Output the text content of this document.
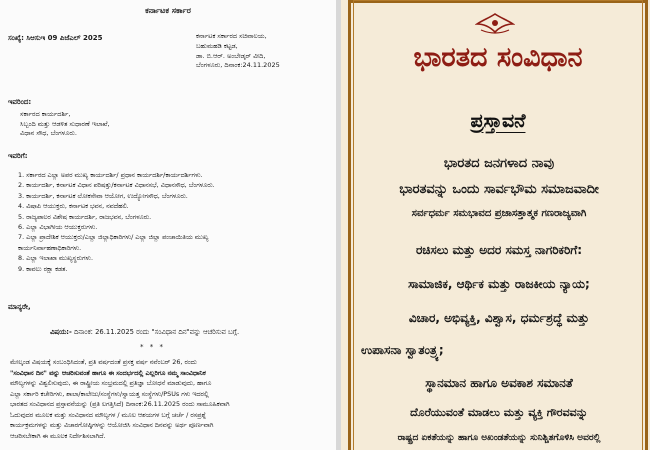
ಕರ್ನಾಟಕ ಸರ್ಕಾರ
ಸಂಖ್ಯೆ: ಸಿಆಸುಇ 09 ಪಿಜೆಎಲ್ 2025	ಕರ್ನಾಟಕ ಸರ್ಕಾರದ ಸಚಿವಾಲಯ,
ಬಹುಮಹಡಿ ಕಟ್ಟಡ,
ಡಾ. ಬಿ.ಆರ್. ಅಂಬೇಡ್ಕರ್ ವೀದಿ,
ಬೆಂಗಳೂರು, ದಿನಾಂಕ:24.11.2025
ಇವರಿಂದ:
ಸರ್ಕಾರದ ಕಾರ್ಯದರ್ಶಿ,
ಸಿಬ್ಬಂದಿ ಮತ್ತು ಆಡಳಿತ ಸುಧಾರಣೆ ಇಲಾಖೆ,
ವಿಧಾನ ಸೌಧ, ಬೆಂಗಳೂರು.
ಇವರಿಗೆ:
1. ಸರ್ಕಾರದ ಎಲ್ಲಾ ಅಪರ ಮುಖ್ಯ ಕಾರ್ಯದರ್ಶಿ/ ಪ್ರಧಾನ ಕಾರ್ಯದರ್ಶಿ/ಕಾರ್ಯದರ್ಶಿಗಳು.
2. ಕಾರ್ಯದರ್ಶಿ, ಕರ್ನಾಟಕ ವಿಧಾನ ಪರಿಷತ್ತು/ಕರ್ನಾಟಕ ವಿಧಾನಸಭೆ, ವಿಧಾನಸೌಧ, ಬೆಂಗಳೂರು.
3. ಕಾರ್ಯದರ್ಶಿ, ಕರ್ನಾಟಕ ಲೋಕಸೇವಾ ಆಯೋಗ, ಉದ್ಯೋಗಸೌಧ, ಬೆಂಗಳೂರು.
4. ವಿಷಾಪಿ ಆಯುಕ್ತರು, ಕರ್ನಾಟಕ ಭವನ, ನವದೆಹಲಿ.
5. ರಾಜ್ಯಪಾಲರ ವಿಶೇಷ ಕಾರ್ಯದರ್ಶಿ, ರಾಜಭವನ, ಬೆಂಗಳೂರು.
6. ಎಲ್ಲಾ ವಿಭಾಗೀಯ ಆಯುಕ್ತರುಗಳು.
7. ಎಲ್ಲಾ ಪ್ರಾದೇಶಿಕ ಆಯುಕ್ತರು/ಎಲ್ಲಾ ಜಿಲ್ಲಾಧಿಕಾರಿಗಳು/ ಎಲ್ಲಾ ಜಿಲ್ಲಾ ಪಂಚಾಯಿತಿಯ ಮುಖ್ಯ
ಕಾರ್ಯನಿರ್ವಾಹಣಾಧಿಕಾರಿಗಳು.
8. ಎಲ್ಲಾ ಇಲಾಖಾ ಮುಖ್ಯಸ್ಥರುಗಳು.
9. ಕಾವಲು ರಕ್ಷಾ ಕಡತ.
ಮಾನ್ಯರೇ,
ವಿಷಯ:- ದಿನಾಂಕ: 26.11.2025 ರಂದು "ಸಂವಿಧಾನ ದಿನ"ವನ್ನು ಆಚರಿಸುವ ಬಗ್ಗೆ.
* * *
ಮೇಲ್ಕಂಡ ವಿಷಯಕ್ಕೆ ಸಂಬಂಧಿಸಿದಂತೆ, ಪ್ರತಿ ವರ್ಷದಂತೆ ಪ್ರಸಕ್ತ ವರ್ಷ ನವೆಂಬರ್ 26, ರಂದು
"ಸಂವಿಧಾನ ದಿನ" ವನ್ನು ಆಚರಿಸುವಂತೆ ಹಾಗೂ ಈ ಸಂದರ್ಭದಲ್ಲಿ ಎಲ್ಲರಿಗೂ ನಮ್ಮ ಸಾಂವಿಧಾನಿಕ
ಮೌಲ್ಯಗಳನ್ನು ವಿಶ್ವಲಿಸುವುದು, ಈ ರಾಷ್ಟ್ರೀಯ ಸಂಭ್ರಮದಲ್ಲಿ ಪ್ರತಿಜ್ಞಾ ಬೋಧನೆ ಮಾಡುವುದು, ಹಾಗೂ
ಎಲ್ಲಾ ಸರ್ಕಾರಿ ಕಚೇರಿಗಳು, ಶಾಲಾ/ಕಾಲೇಜು/ಸಂಸ್ಥೆಗಳು/ಸ್ವಾಯತ್ತ ಸಂಸ್ಥೆಗಳು/PSUs ಗಳು ಇದರಲ್ಲಿ
ಭಾರತದ ಸಂವಿಧಾನದ ಪ್ರಸ್ತಾವನೆಯನ್ನು (ಪ್ರತಿ ಲಗತ್ತಿಸಿದೆ) ದಿನಾಂಕ:26.11.2025 ರಂದು ಸಾಮೂಹಿಕವಾಗಿ
ಓದುವುದರ ಮೂಲಕ ಮತ್ತು ಸಂವಿಧಾನದ ಮೌಲ್ಯಗಳ / ಮೂಲ ಆಶಯಗಳ ಬಗ್ಗೆ ಚರ್ಚೆ / ರಸಪ್ರಶ್ನೆ
ಕಾರ್ಯಕ್ರಮಗಳನ್ನು ಮತ್ತು ವಿಚಾರಗೋಷ್ಠಿಗಳನ್ನು ಆಯೋಜಿಸಿ ಸಂವಿಧಾನ ದಿನವನ್ನು ಅರ್ಥ ಪೂರ್ಣವಾಗಿ
ಆಚರಿಸಬೇಕಾಗಿ ಈ ಮೂಲಕ ನಿರ್ದೇಶಿಸಲಾಗಿದೆ.
ಭಾರತದ ಸಂವಿಧಾನ
ಪ್ರಸ್ತಾವನೆ
ಭಾರತದ ಜನಗಳಾದ ನಾವು
ಭಾರತವನ್ನು ಒಂದು ಸಾರ್ವಭೌಮ ಸಮಾಜವಾದೀ
ಸರ್ವಧರ್ಮ ಸಮಭಾವದ ಪ್ರಜಾಸತ್ತಾತ್ಮಕ ಗಣರಾಜ್ಯವಾಗಿ
ರಚಿಸಲು ಮತ್ತು ಅದರ ಸಮಸ್ತ ನಾಗರಿಕರಿಗೆ:
ಸಾಮಾಜಿಕ, ಆರ್ಥಿಕ ಮತ್ತು ರಾಜಕೀಯ ನ್ಯಾಯ;
ವಿಚಾರ, ಅಭಿವ್ಯಕ್ತಿ, ವಿಶ್ವಾಸ, ಧರ್ಮಶ್ರದ್ಧೆ ಮತ್ತು
ಉಪಾಸನಾ ಸ್ವಾತಂತ್ರ್ಯ;
ಸ್ಥಾನಮಾನ ಹಾಗೂ ಅವಕಾಶ ಸಮಾನತೆ
ದೊರೆಯುವಂತೆ ಮಾಡಲು ಮತ್ತು ವ್ಯಕ್ತಿ ಗೌರವವನ್ನು
ರಾಷ್ಟ್ರದ ಏಕತೆಯನ್ನು ಹಾಗೂ ಅಖಂಡತೆಯನ್ನು ಸುನಿಶ್ಚಿತಗೊಳಿಸಿ ಅವರಲ್ಲಿ
